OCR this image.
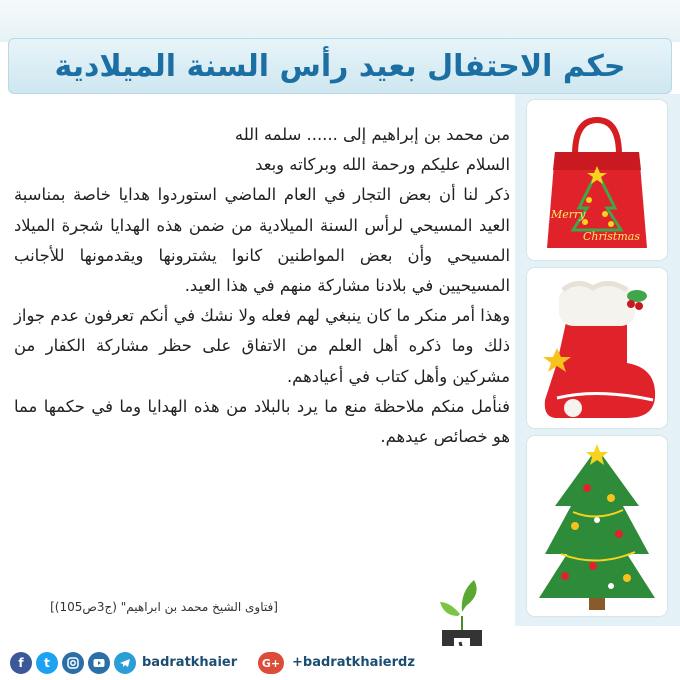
حكم الاحتفال بعيد رأس السنة الميلادية
Merry
Christmas

من محمد بن إبراهيم إلى ...... سلمه الله

السلام عليكم ورحمة الله وبركاته وبعد

ذكر لنا أن بعض التجار في العام الماضي استوردوا هدايا خاصة بمناسبة العيد المسيحي لرأس السنة الميلادية من ضمن هذه الهدايا شجرة الميلاد المسيحي وأن بعض المواطنين كانوا يشترونها ويقدمونها للأجانب المسيحيين في بلادنا مشاركة منهم في هذا العيد.

وهذا أمر منكر ما كان ينبغي لهم فعله ولا نشك في أنكم تعرفون عدم جواز ذلك وما ذكره أهل العلم من الاتفاق على حظر مشاركة الكفار من مشركين وأهل كتاب في أعيادهم.

فنأمل منكم ملاحظة منع ما يرد بالبلاد من هذه الهدايا وما في حكمها مما هو خصائص عيدهم.

[فتاوى الشيخ محمد بن ابراهيم" (ج3ص105)]
f	t	badratkhaier	G+ +badratkhaierdz
